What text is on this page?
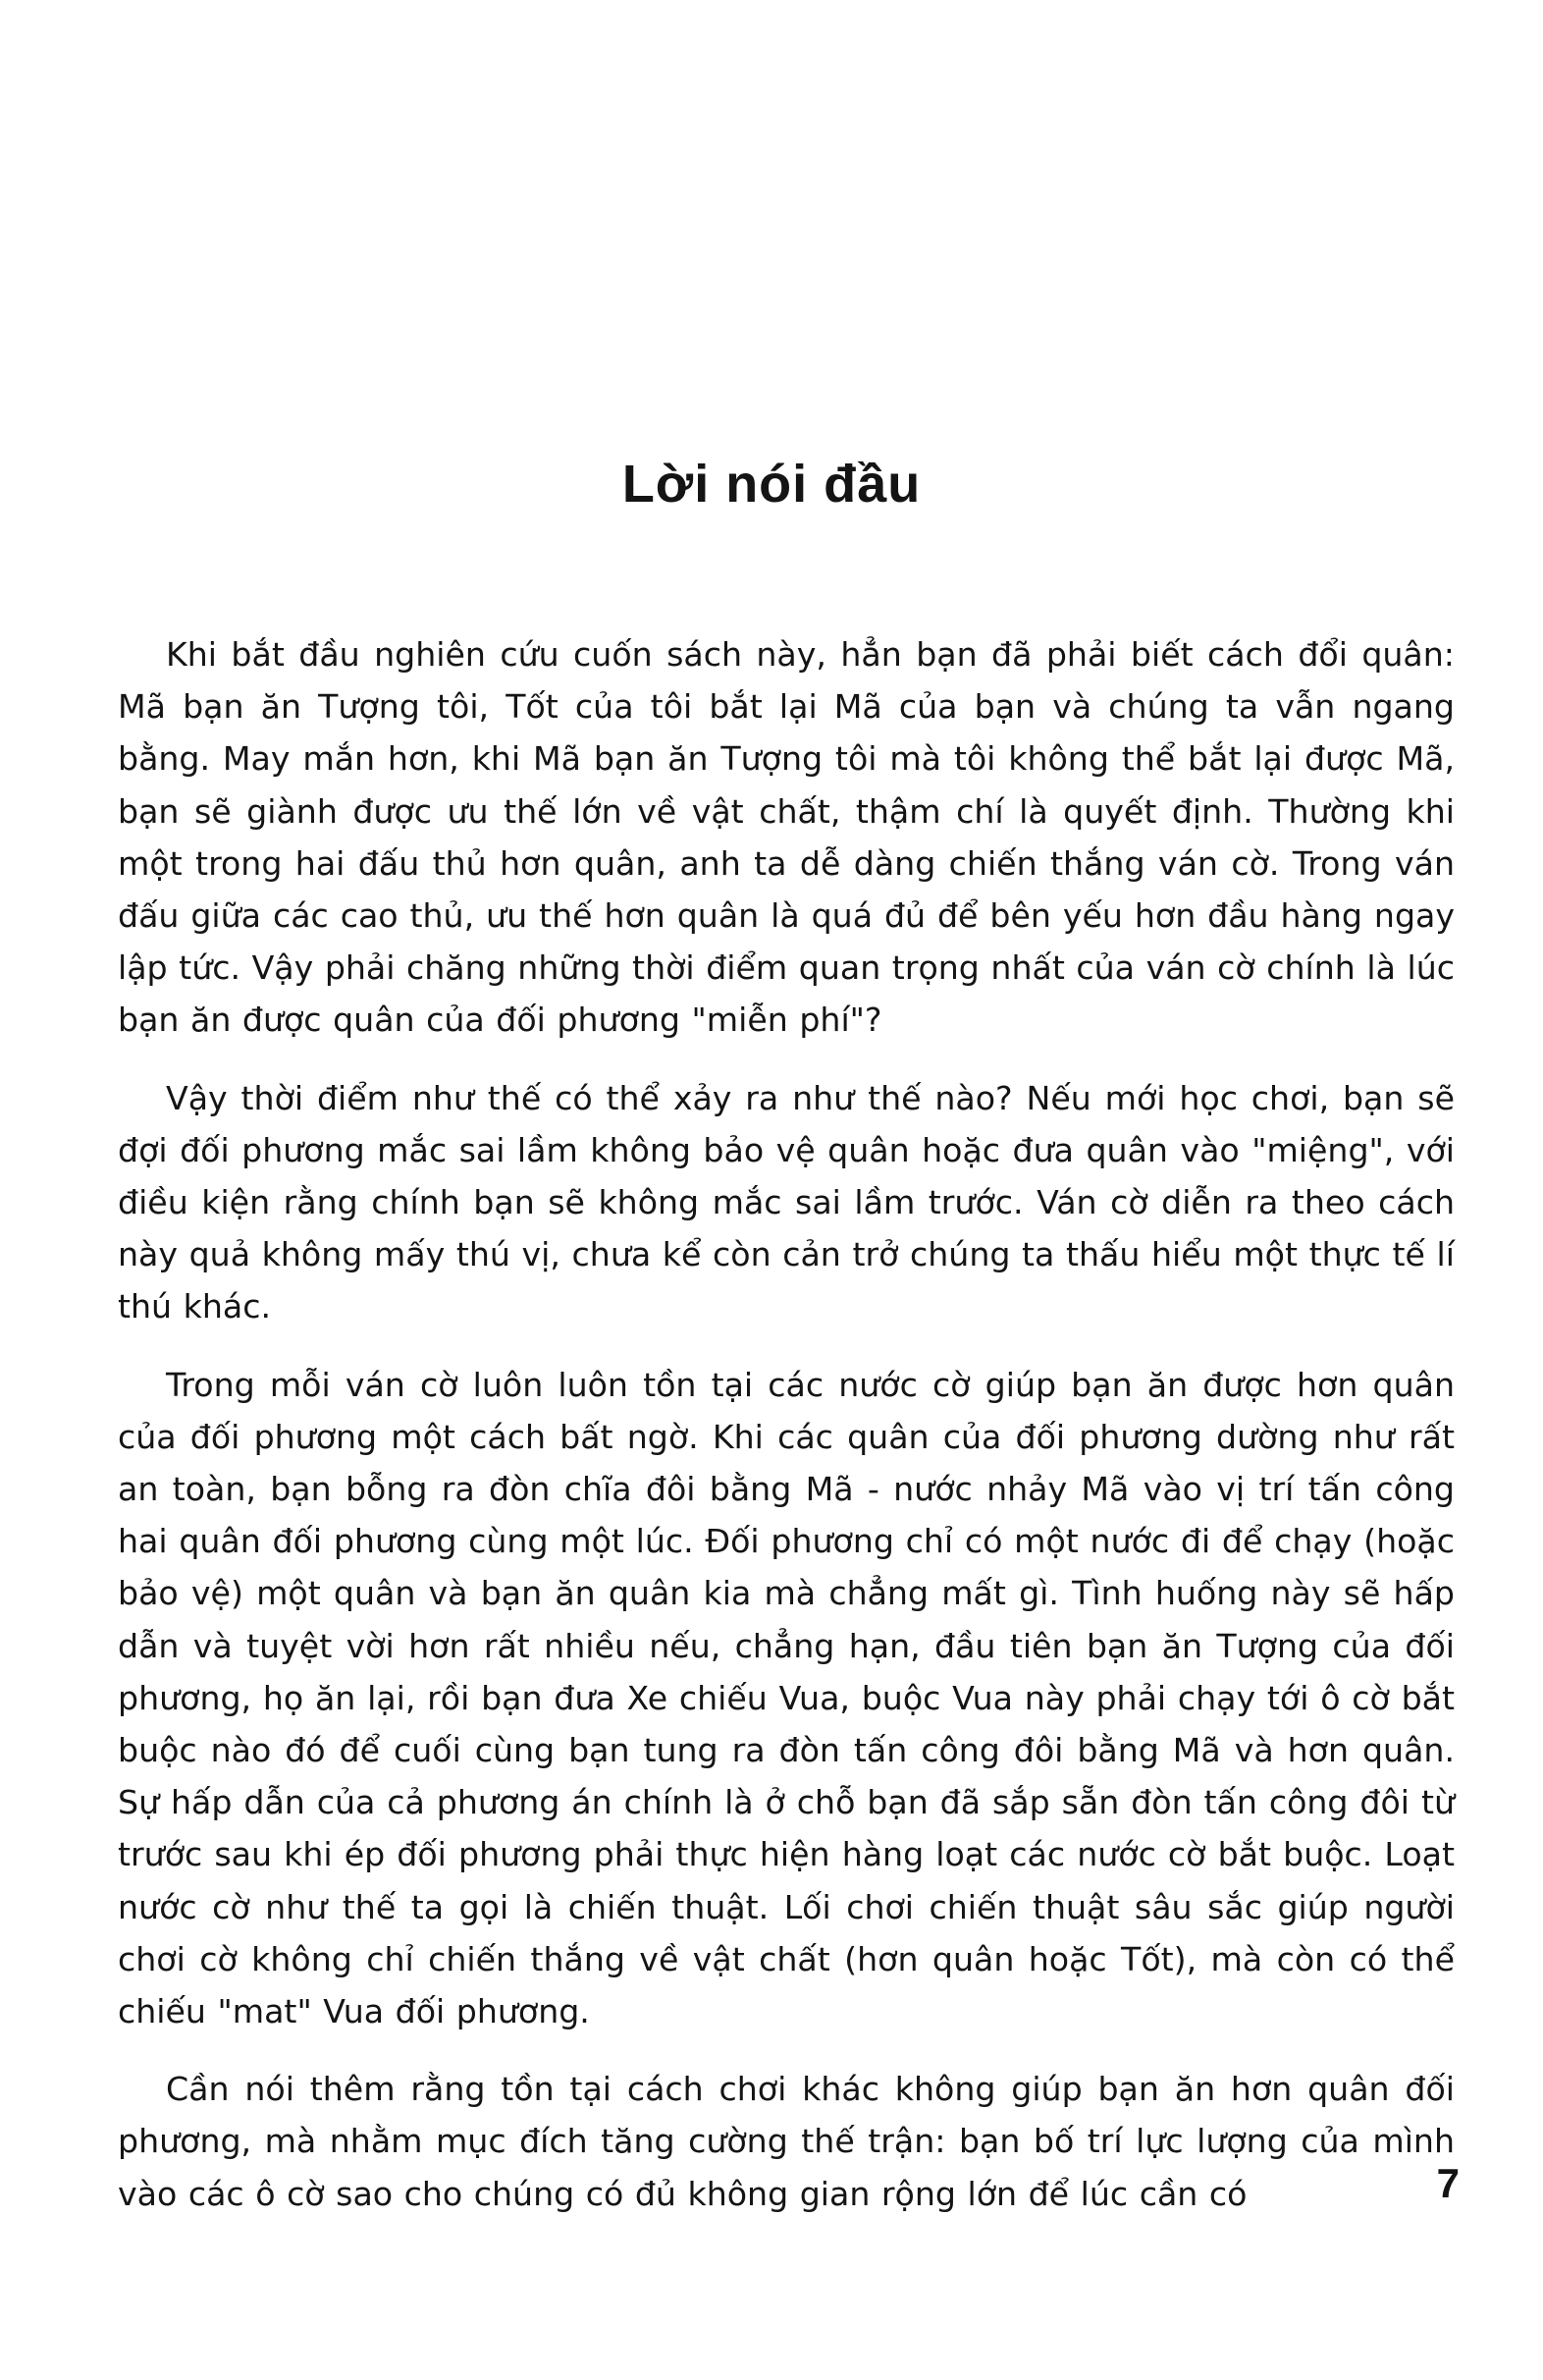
Lời nói đầu

Khi bắt đầu nghiên cứu cuốn sách này, hẳn bạn đã phải biết cách đổi quân: Mã bạn ăn Tượng tôi, Tốt của tôi bắt lại Mã của bạn và chúng ta vẫn ngang bằng. May mắn hơn, khi Mã bạn ăn Tượng tôi mà tôi không thể bắt lại được Mã, bạn sẽ giành được ưu thế lớn về vật chất, thậm chí là quyết định. Thường khi một trong hai đấu thủ hơn quân, anh ta dễ dàng chiến thắng ván cờ. Trong ván đấu giữa các cao thủ, ưu thế hơn quân là quá đủ để bên yếu hơn đầu hàng ngay lập tức. Vậy phải chăng những thời điểm quan trọng nhất của ván cờ chính là lúc bạn ăn được quân của đối phương "miễn phí"?

Vậy thời điểm như thế có thể xảy ra như thế nào? Nếu mới học chơi, bạn sẽ đợi đối phương mắc sai lầm không bảo vệ quân hoặc đưa quân vào "miệng", với điều kiện rằng chính bạn sẽ không mắc sai lầm trước. Ván cờ diễn ra theo cách này quả không mấy thú vị, chưa kể còn cản trở chúng ta thấu hiểu một thực tế lí thú khác.

Trong mỗi ván cờ luôn luôn tồn tại các nước cờ giúp bạn ăn được hơn quân của đối phương một cách bất ngờ. Khi các quân của đối phương dường như rất an toàn, bạn bỗng ra đòn chĩa đôi bằng Mã - nước nhảy Mã vào vị trí tấn công hai quân đối phương cùng một lúc. Đối phương chỉ có một nước đi để chạy (hoặc bảo vệ) một quân và bạn ăn quân kia mà chẳng mất gì. Tình huống này sẽ hấp dẫn và tuyệt vời hơn rất nhiều nếu, chẳng hạn, đầu tiên bạn ăn Tượng của đối phương, họ ăn lại, rồi bạn đưa Xe chiếu Vua, buộc Vua này phải chạy tới ô cờ bắt buộc nào đó để cuối cùng bạn tung ra đòn tấn công đôi bằng Mã và hơn quân. Sự hấp dẫn của cả phương án chính là ở chỗ bạn đã sắp sẵn đòn tấn công đôi từ trước sau khi ép đối phương phải thực hiện hàng loạt các nước cờ bắt buộc. Loạt nước cờ như thế ta gọi là chiến thuật. Lối chơi chiến thuật sâu sắc giúp người chơi cờ không chỉ chiến thắng về vật chất (hơn quân hoặc Tốt), mà còn có thể chiếu "mat" Vua đối phương.

Cần nói thêm rằng tồn tại cách chơi khác không giúp bạn ăn hơn quân đối phương, mà nhằm mục đích tăng cường thế trận: bạn bố trí lực lượng của mình vào các ô cờ sao cho chúng có đủ không gian rộng lớn để lúc cần có	7
